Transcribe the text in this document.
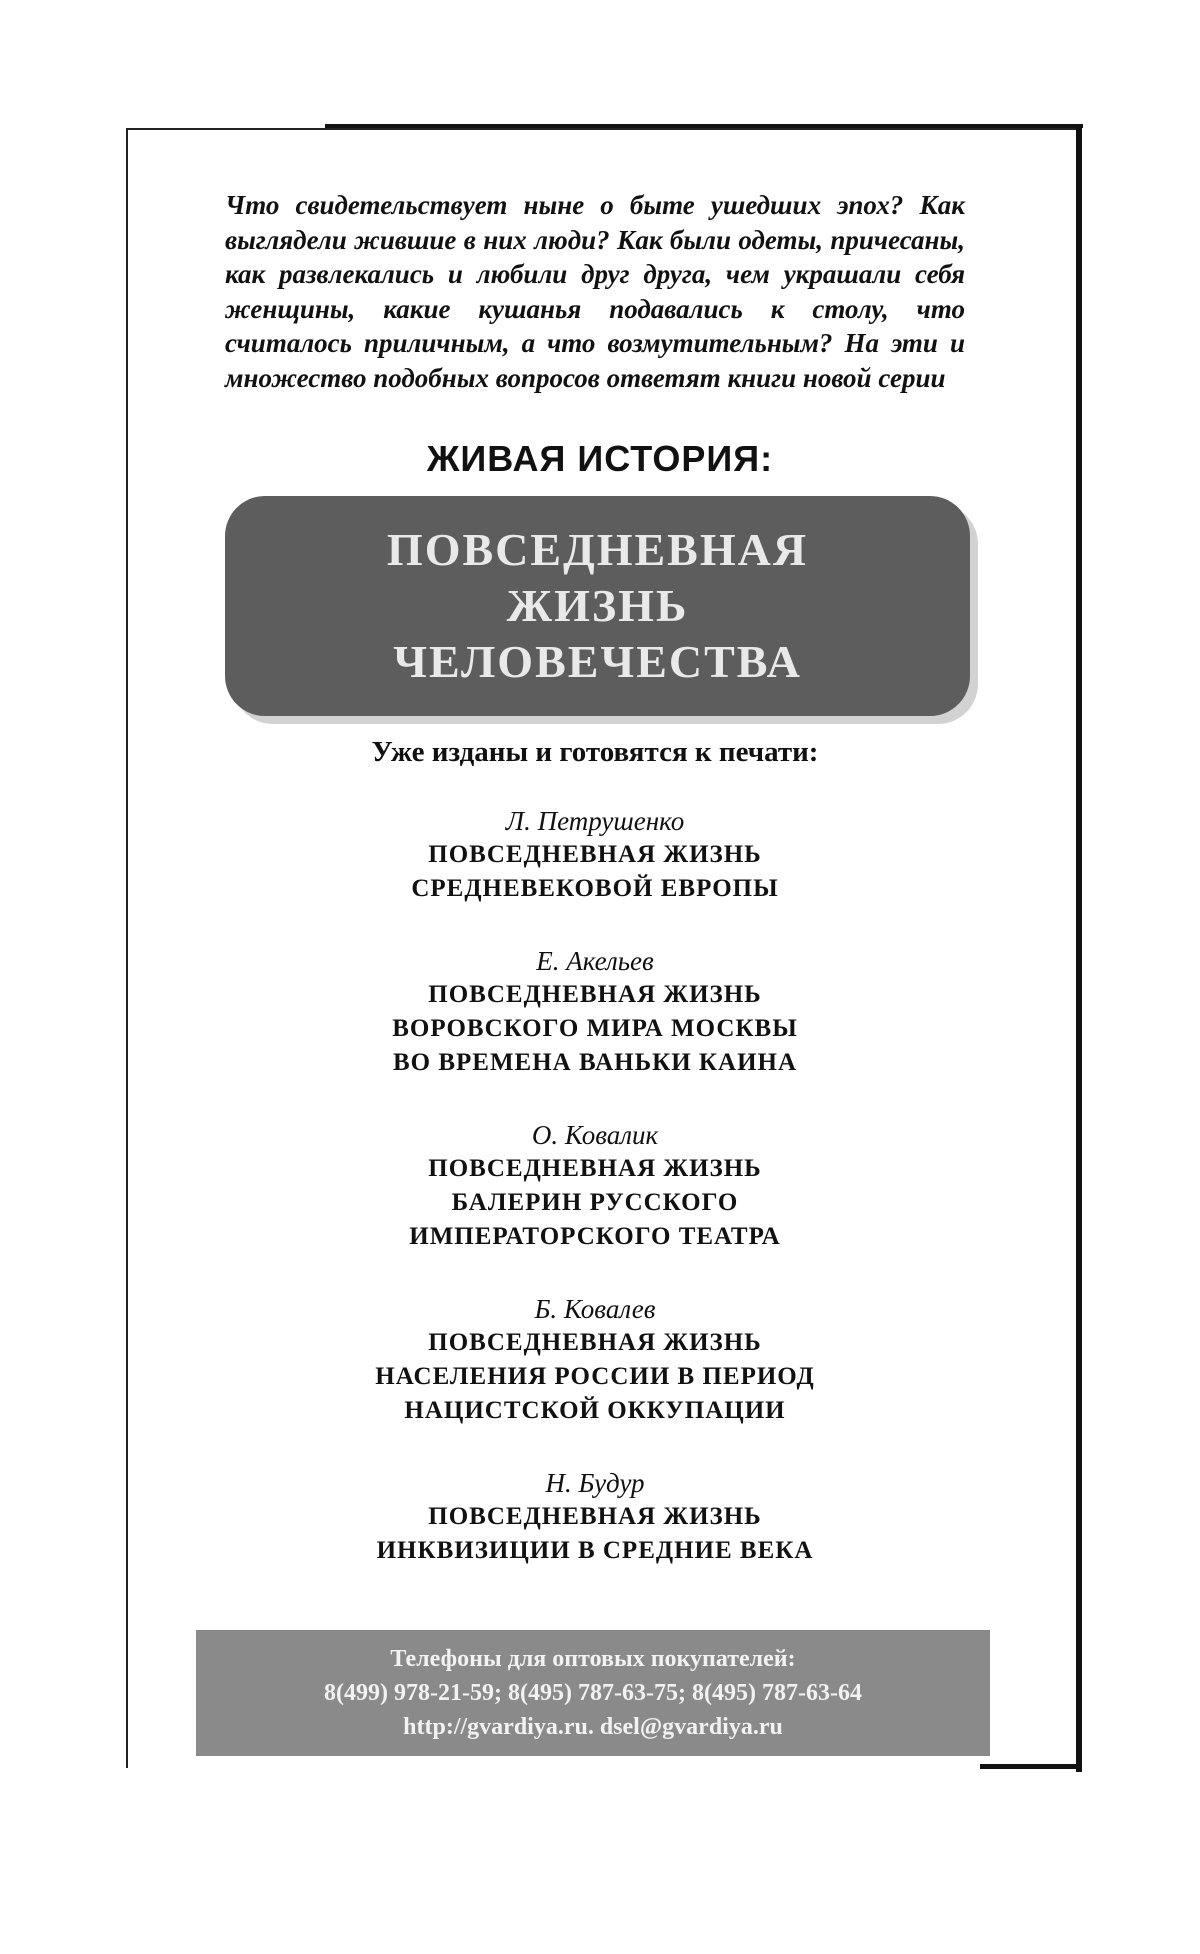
Что свидетельствует ныне о быте ушедших эпох? Как выглядели жившие в них люди? Как были одеты, причесаны, как развлекались и любили друг друга, чем украшали себя женщины, какие кушанья подавались к столу, что считалось приличным, а что возмутительным? На эти и множество подобных вопросов ответят книги новой серии

ЖИВАЯ ИСТОРИЯ:
ПОВСЕДНЕВНАЯ
ЖИЗНЬ
ЧЕЛОВЕЧЕСТВА

Уже изданы и готовятся к печати:

Л. Петрушенко
ПОВСЕДНЕВНАЯ ЖИЗНЬ
СРЕДНЕВЕКОВОЙ ЕВРОПЫ
Е. Акельев
ПОВСЕДНЕВНАЯ ЖИЗНЬ
ВОРОВСКОГО МИРА МОСКВЫ
ВО ВРЕМЕНА ВАНЬКИ КАИНА
О. Ковалик
ПОВСЕДНЕВНАЯ ЖИЗНЬ
БАЛЕРИН РУССКОГО
ИМПЕРАТОРСКОГО ТЕАТРА
Б. Ковалев
ПОВСЕДНЕВНАЯ ЖИЗНЬ
НАСЕЛЕНИЯ РОССИИ В ПЕРИОД
НАЦИСТСКОЙ ОККУПАЦИИ
Н. Будур
ПОВСЕДНЕВНАЯ ЖИЗНЬ
ИНКВИЗИЦИИ В СРЕДНИЕ ВЕКА
Телефоны для оптовых покупателей:
8(499) 978-21-59; 8(495) 787-63-75; 8(495) 787-63-64
http://gvardiya.ru. dsel@gvardiya.ru
